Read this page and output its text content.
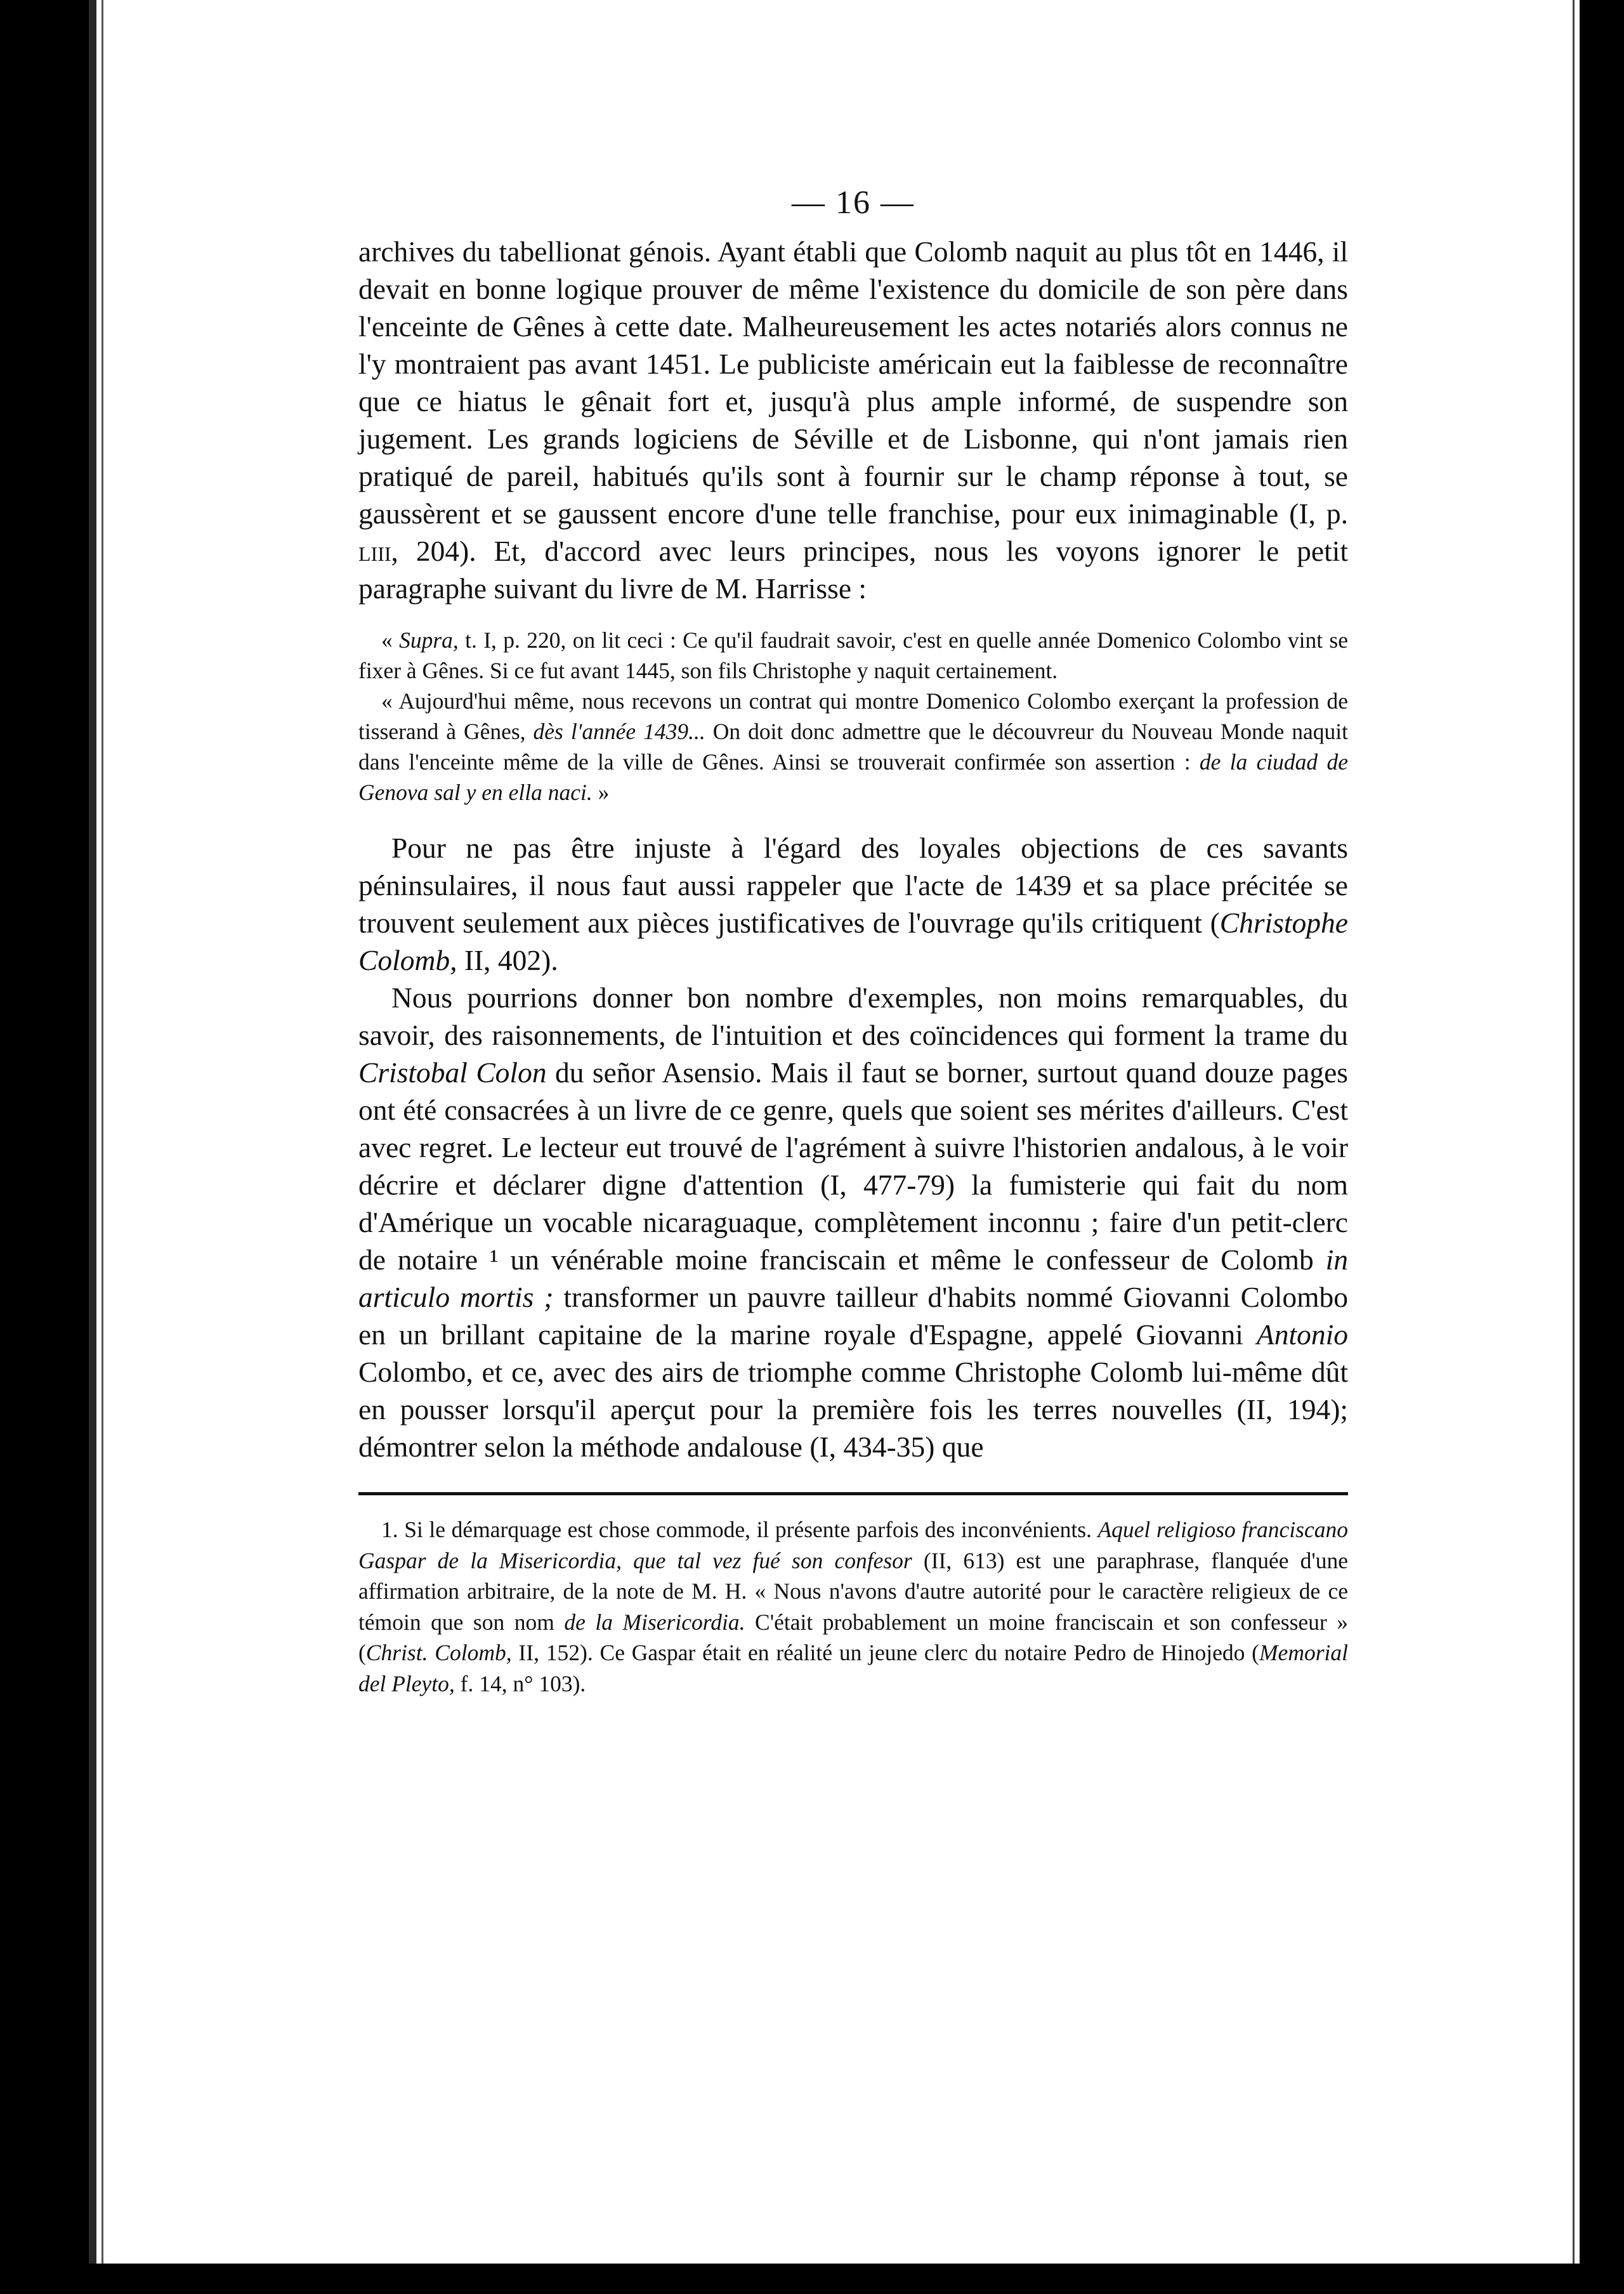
— 16 —

archives du tabellionat génois. Ayant établi que Colomb naquit au plus tôt en 1446, il devait en bonne logique prouver de même l'existence du domicile de son père dans l'enceinte de Gênes à cette date. Malheureusement les actes notariés alors connus ne l'y montraient pas avant 1451. Le publiciste américain eut la faiblesse de reconnaître que ce hiatus le gênait fort et, jusqu'à plus ample informé, de suspendre son jugement. Les grands logiciens de Séville et de Lisbonne, qui n'ont jamais rien pratiqué de pareil, habitués qu'ils sont à fournir sur le champ réponse à tout, se gaussèrent et se gaussent encore d'une telle franchise, pour eux inimaginable (I, p. lııı, 204). Et, d'accord avec leurs principes, nous les voyons ignorer le petit paragraphe suivant du livre de M. Harrisse :

« Supra, t. I, p. 220, on lit ceci : Ce qu'il faudrait savoir, c'est en quelle année Domenico Colombo vint se fixer à Gênes. Si ce fut avant 1445, son fils Christophe y naquit certainement.

« Aujourd'hui même, nous recevons un contrat qui montre Domenico Colombo exerçant la profession de tisserand à Gênes, dès l'année 1439... On doit donc admettre que le découvreur du Nouveau Monde naquit dans l'enceinte même de la ville de Gênes. Ainsi se trouverait confirmée son assertion : de la ciudad de Genova sal y en ella naci. »

Pour ne pas être injuste à l'égard des loyales objections de ces savants péninsulaires, il nous faut aussi rappeler que l'acte de 1439 et sa place précitée se trouvent seulement aux pièces justificatives de l'ouvrage qu'ils critiquent (Christophe Colomb, II, 402).

Nous pourrions donner bon nombre d'exemples, non moins remarquables, du savoir, des raisonnements, de l'intuition et des coïncidences qui forment la trame du Cristobal Colon du señor Asensio. Mais il faut se borner, surtout quand douze pages ont été consacrées à un livre de ce genre, quels que soient ses mérites d'ailleurs. C'est avec regret. Le lecteur eut trouvé de l'agrément à suivre l'historien andalous, à le voir décrire et déclarer digne d'attention (I, 477-79) la fumisterie qui fait du nom d'Amérique un vocable nicaraguaque, complètement inconnu ; faire d'un petit-clerc de notaire ¹ un vénérable moine franciscain et même le confesseur de Colomb in articulo mortis ; transformer un pauvre tailleur d'habits nommé Giovanni Colombo en un brillant capitaine de la marine royale d'Espagne, appelé Giovanni Antonio Colombo, et ce, avec des airs de triomphe comme Christophe Colomb lui-même dût en pousser lorsqu'il aperçut pour la première fois les terres nouvelles (II, 194); démontrer selon la méthode andalouse (I, 434-35) que

1. Si le démarquage est chose commode, il présente parfois des inconvénients. Aquel religioso franciscano Gaspar de la Misericordia, que tal vez fué son confesor (II, 613) est une paraphrase, flanquée d'une affirmation arbitraire, de la note de M. H. « Nous n'avons d'autre autorité pour le caractère religieux de ce témoin que son nom de la Misericordia. C'était probablement un moine franciscain et son confesseur » (Christ. Colomb, II, 152). Ce Gaspar était en réalité un jeune clerc du notaire Pedro de Hinojedo (Memorial del Pleyto, f. 14, n° 103).
